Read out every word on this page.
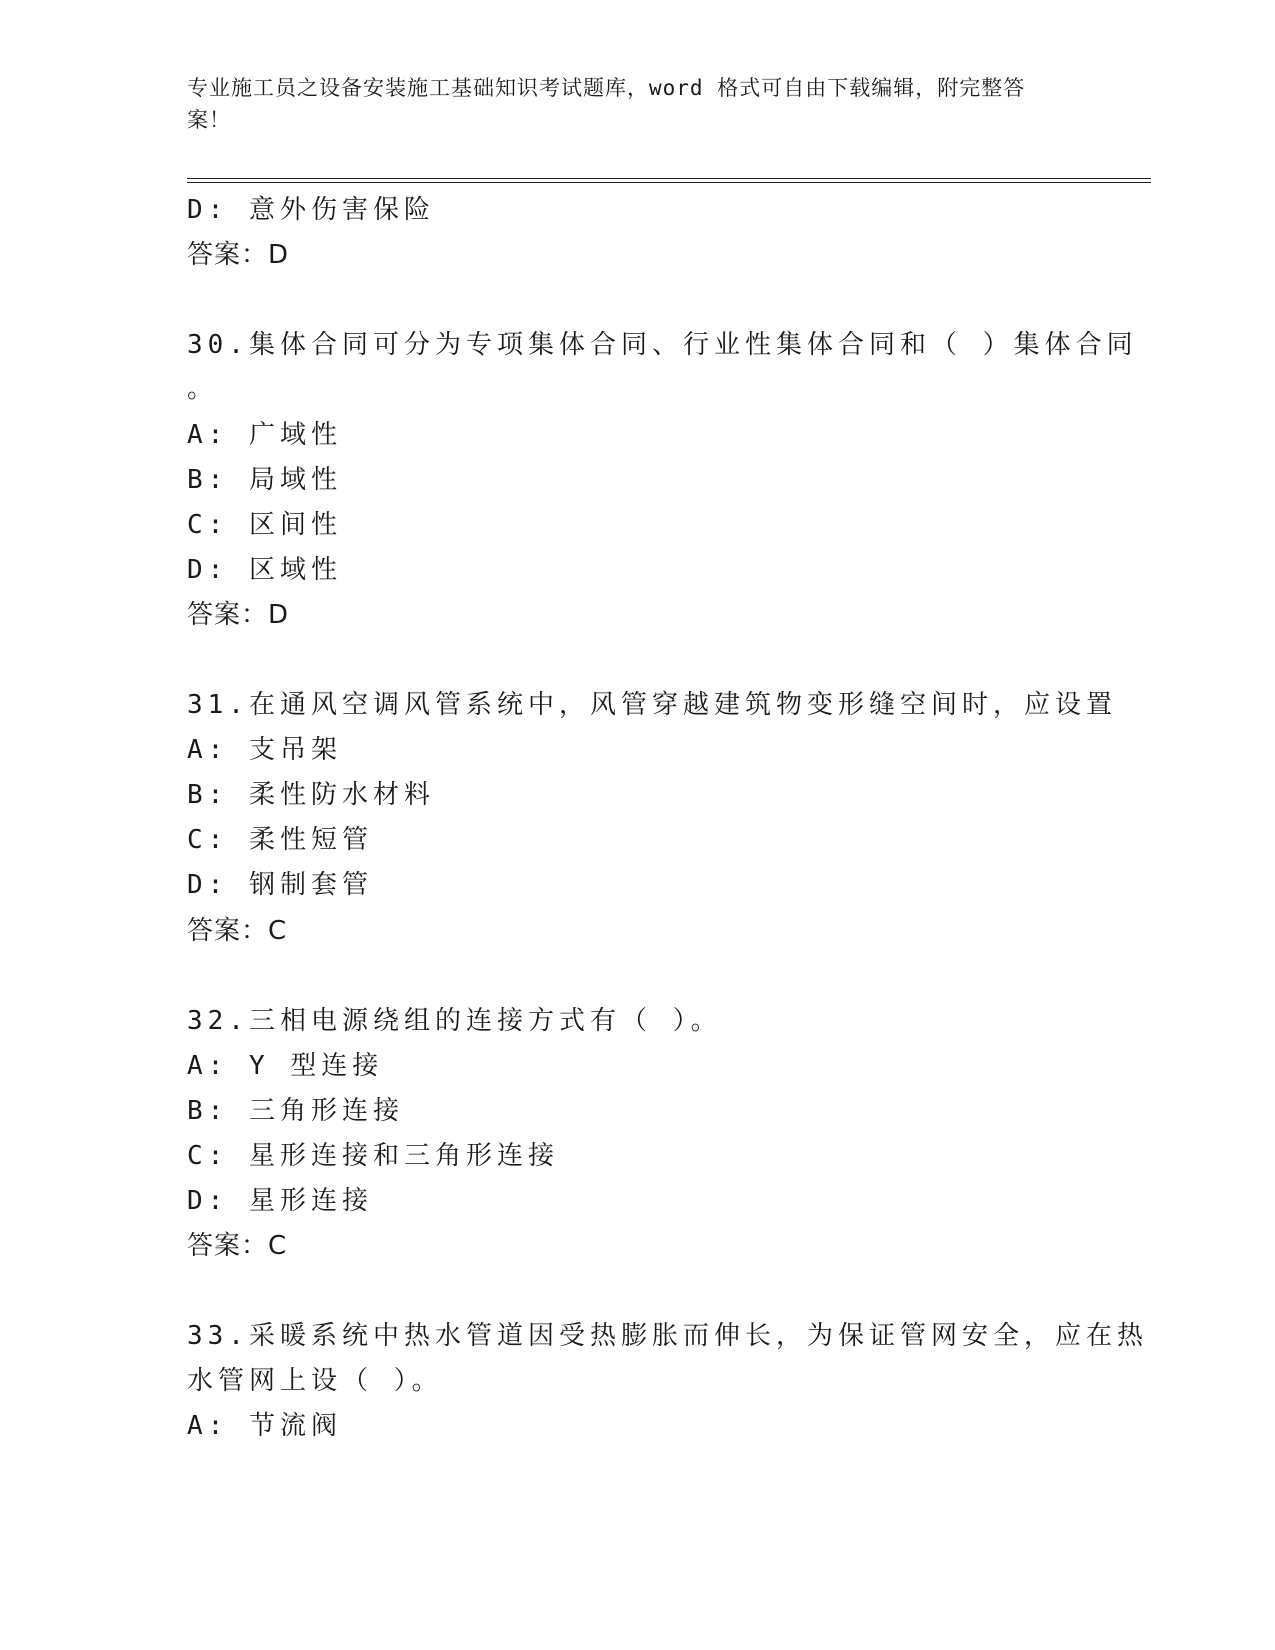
专业施工员之设备安装施工基础知识考试题库，word 格式可自由下载编辑，附完整答案！
D: 意外伤害保险
答案：D
30.集体合同可分为专项集体合同、行业性集体合同和（ ）集体合同
。
A: 广域性
B: 局域性
C: 区间性
D: 区域性
答案：D
31.在通风空调风管系统中，风管穿越建筑物变形缝空间时，应设置
A: 支吊架
B: 柔性防水材料
C: 柔性短管
D: 钢制套管
答案：C
32.三相电源绕组的连接方式有（ ）。
A: Y 型连接
B: 三角形连接
C: 星形连接和三角形连接
D: 星形连接
答案：C
33.采暖系统中热水管道因受热膨胀而伸长，为保证管网安全，应在热
水管网上设（ ）。
A: 节流阀
